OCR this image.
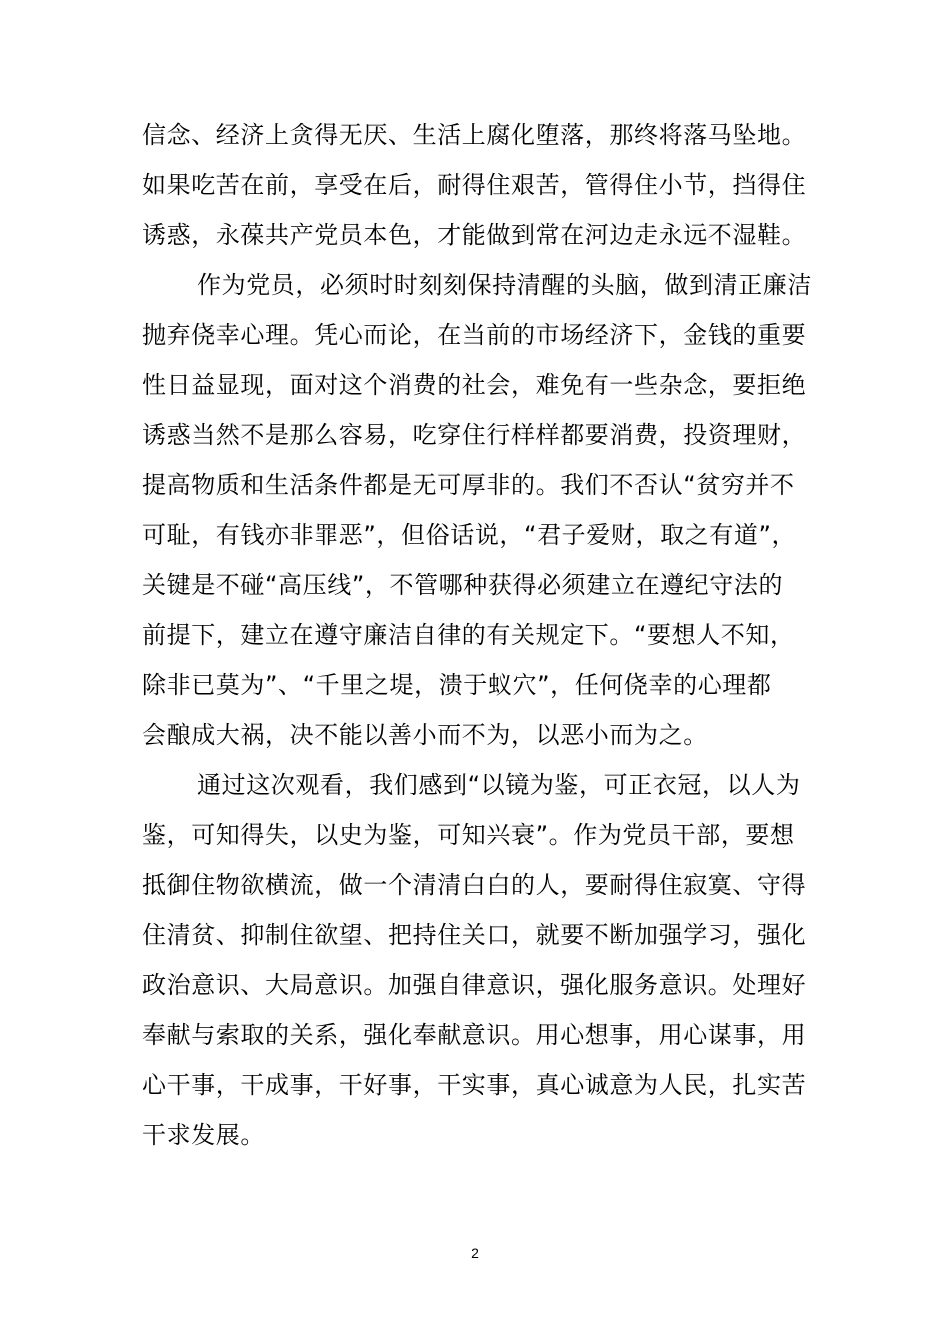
信念、经济上贪得无厌、生活上腐化堕落，那终将落马坠地。
如果吃苦在前，享受在后，耐得住艰苦，管得住小节，挡得住
诱惑，永葆共产党员本色，才能做到常在河边走永远不湿鞋。
作为党员，必须时时刻刻保持清醒的头脑，做到清正廉洁
抛弃侥幸心理。凭心而论，在当前的市场经济下，金钱的重要
性日益显现，面对这个消费的社会，难免有一些杂念，要拒绝
诱惑当然不是那么容易，吃穿住行样样都要消费，投资理财，
提高物质和生活条件都是无可厚非的。我们不否认“贫穷并不
可耻，有钱亦非罪恶”，但俗话说，“君子爱财，取之有道”，
关键是不碰“高压线”，不管哪种获得必须建立在遵纪守法的
前提下，建立在遵守廉洁自律的有关规定下。“要想人不知，
除非已莫为”、“千里之堤，溃于蚁穴”，任何侥幸的心理都
会酿成大祸，决不能以善小而不为，以恶小而为之。
通过这次观看，我们感到“以镜为鉴，可正衣冠，以人为
鉴，可知得失，以史为鉴，可知兴衰”。作为党员干部，要想
抵御住物欲横流，做一个清清白白的人，要耐得住寂寞、守得
住清贫、抑制住欲望、把持住关口，就要不断加强学习，强化
政治意识、大局意识。加强自律意识，强化服务意识。处理好
奉献与索取的关系，强化奉献意识。用心想事，用心谋事，用
心干事，干成事，干好事，干实事，真心诚意为人民，扎实苦
干求发展。
2
